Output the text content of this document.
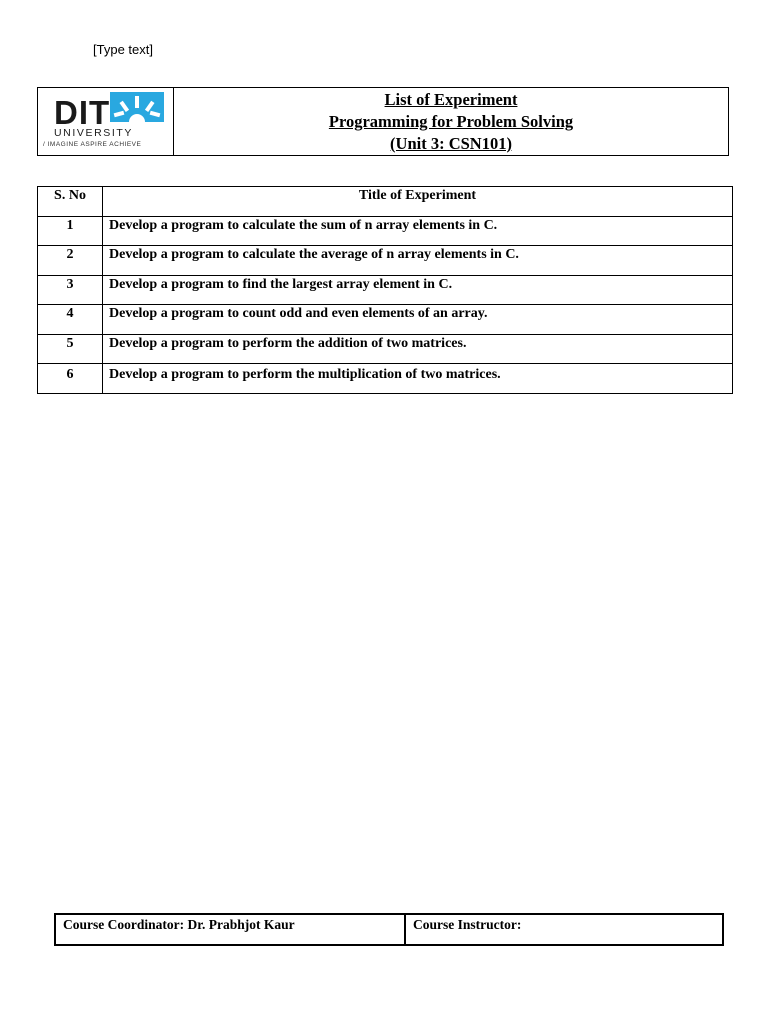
[Type text]
DIT
UNIVERSITY
/ IMAGINE ASPIRE ACHIEVE
List of Experiment
Programming for Problem Solving
(Unit 3: CSN101)
S. No	Title of Experiment

1	Develop a program to calculate the sum of n array elements in C.

2	Develop a program to calculate the average of n array elements in C.

3	Develop a program to find the largest array element in C.

4	Develop a program to count odd and even elements of an array.

5	Develop a program to perform the addition of two matrices.

6	Develop a program to perform the multiplication of two matrices.
Course Coordinator: Dr. Prabhjot Kaur	Course Instructor:
